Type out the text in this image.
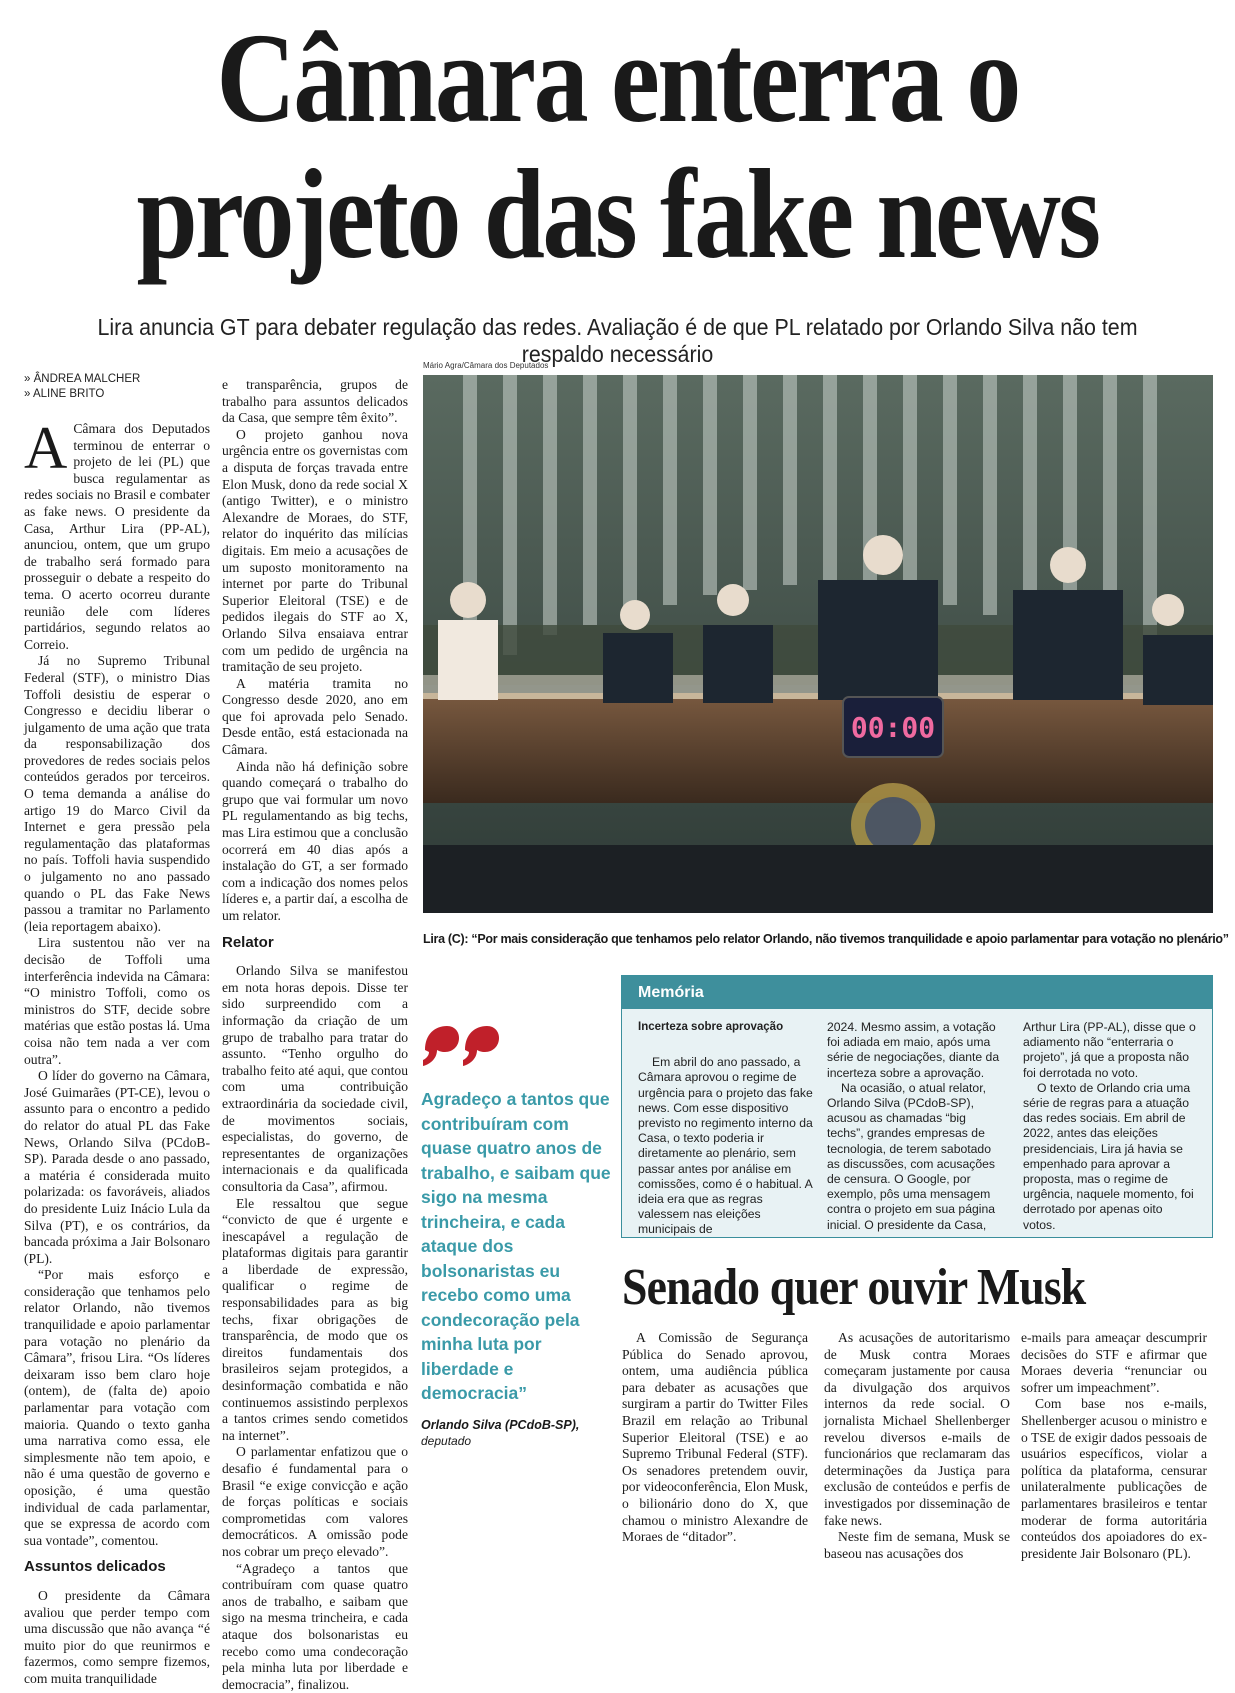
Câmara enterra o
projeto das fake news
Lira anuncia GT para debater regulação das redes. Avaliação é de que PL relatado por Orlando Silva não tem respaldo necessário
» ÂNDREA MALCHER
» ALINE BRITO

A Câmara dos Deputados terminou de enterrar o projeto de lei (PL) que busca regulamentar as redes sociais no Brasil e combater as fake news. O presidente da Casa, Arthur Lira (PP-AL), anunciou, ontem, que um grupo de trabalho será formado para prosseguir o debate a respeito do tema. O acerto ocorreu durante reunião dele com líderes partidários, segundo relatos ao Correio.

Já no Supremo Tribunal Federal (STF), o ministro Dias Toffoli desistiu de esperar o Congresso e decidiu liberar o julgamento de uma ação que trata da responsabilização dos provedores de redes sociais pelos conteúdos gerados por terceiros. O tema demanda a análise do artigo 19 do Marco Civil da Internet e gera pressão pela regulamentação das plataformas no país. Toffoli havia suspendido o julgamento no ano passado quando o PL das Fake News passou a tramitar no Parlamento (leia reportagem abaixo).

Lira sustentou não ver na decisão de Toffoli uma interferência indevida na Câmara: “O ministro Toffoli, como os ministros do STF, decide sobre matérias que estão postas lá. Uma coisa não tem nada a ver com outra”.

O líder do governo na Câmara, José Guimarães (PT-CE), levou o assunto para o encontro a pedido do relator do atual PL das Fake News, Orlando Silva (PCdoB-SP). Parada desde o ano passado, a matéria é considerada muito polarizada: os favoráveis, aliados do presidente Luiz Inácio Lula da Silva (PT), e os contrários, da bancada próxima a Jair Bolsonaro (PL).

“Por mais esforço e consideração que tenhamos pelo relator Orlando, não tivemos tranquilidade e apoio parlamentar para votação no plenário da Câmara”, frisou Lira. “Os líderes deixaram isso bem claro hoje (ontem), de (falta de) apoio parlamentar para votação com maioria. Quando o texto ganha uma narrativa como essa, ele simplesmente não tem apoio, e não é uma questão de governo e oposição, é uma questão individual de cada parlamentar, que se expressa de acordo com sua vontade”, comentou.

Assuntos delicados

O presidente da Câmara avaliou que perder tempo com uma discussão que não avança “é muito pior do que reunirmos e fazermos, como sempre fizemos, com muita tranquilidade

e transparência, grupos de trabalho para assuntos delicados da Casa, que sempre têm êxito”.

O projeto ganhou nova urgência entre os governistas com a disputa de forças travada entre Elon Musk, dono da rede social X (antigo Twitter), e o ministro Alexandre de Moraes, do STF, relator do inquérito das milícias digitais. Em meio a acusações de um suposto monitoramento na internet por parte do Tribunal Superior Eleitoral (TSE) e de pedidos ilegais do STF ao X, Orlando Silva ensaiava entrar com um pedido de urgência na tramitação de seu projeto.

A matéria tramita no Congresso desde 2020, ano em que foi aprovada pelo Senado. Desde então, está estacionada na Câmara.

Ainda não há definição sobre quando começará o trabalho do grupo que vai formular um novo PL regulamentando as big techs, mas Lira estimou que a conclusão ocorrerá em 40 dias após a instalação do GT, a ser formado com a indicação dos nomes pelos líderes e, a partir daí, a escolha de um relator.

Relator

Orlando Silva se manifestou em nota horas depois. Disse ter sido surpreendido com a informação da criação de um grupo de trabalho para tratar do assunto. “Tenho orgulho do trabalho feito até aqui, que contou com uma contribuição extraordinária da sociedade civil, de movimentos sociais, especialistas, do governo, de representantes de organizações internacionais e da qualificada consultoria da Casa”, afirmou.

Ele ressaltou que segue “convicto de que é urgente e inescapável a regulação de plataformas digitais para garantir a liberdade de expressão, qualificar o regime de responsabilidades para as big techs, fixar obrigações de transparência, de modo que os direitos fundamentais dos brasileiros sejam protegidos, a desinformação combatida e não continuemos assistindo perplexos a tantos crimes sendo cometidos na internet”.

O parlamentar enfatizou que o desafio é fundamental para o Brasil “e exige convicção e ação de forças políticas e sociais comprometidas com valores democráticos. A omissão pode nos cobrar um preço elevado”.

“Agradeço a tantos que contribuíram com quase quatro anos de trabalho, e saibam que sigo na mesma trincheira, e cada ataque dos bolsonaristas eu recebo como uma condecoração pela minha luta por liberdade e democracia”, finalizou.

Mário Agra/Câmara dos Deputados
00:00
Lira (C): “Por mais consideração que tenhamos pelo relator Orlando, não tivemos tranquilidade e apoio parlamentar para votação no plenário”
Agradeço a tantos que contribuíram com quase quatro anos de trabalho, e saibam que sigo na mesma trincheira, e cada ataque dos bolsonaristas eu recebo como uma condecoração pela minha luta por liberdade e democracia”
Orlando Silva (PCdoB-SP),
deputado
Memória

Incerteza sobre aprovação

Em abril do ano passado, a Câmara aprovou o regime de urgência para o projeto das fake news. Com esse dispositivo previsto no regimento interno da Casa, o texto poderia ir diretamente ao plenário, sem passar antes por análise em comissões, como é o habitual. A ideia era que as regras valessem nas eleições municipais de

2024. Mesmo assim, a votação foi adiada em maio, após uma série de negociações, diante da incerteza sobre a aprovação.

Na ocasião, o atual relator, Orlando Silva (PCdoB-SP), acusou as chamadas “big techs”, grandes empresas de tecnologia, de terem sabotado as discussões, com acusações de censura. O Google, por exemplo, pôs uma mensagem contra o projeto em sua página inicial. O presidente da Casa,

Arthur Lira (PP-AL), disse que o adiamento não “enterraria o projeto”, já que a proposta não foi derrotada no voto.

O texto de Orlando cria uma série de regras para a atuação das redes sociais. Em abril de 2022, antes das eleições presidenciais, Lira já havia se empenhado para aprovar a proposta, mas o regime de urgência, naquele momento, foi derrotado por apenas oito votos.

Senado quer ouvir Musk

A Comissão de Segurança Pública do Senado aprovou, ontem, uma audiência pública para debater as acusações que surgiram a partir do Twitter Files Brazil em relação ao Tribunal Superior Eleitoral (TSE) e ao Supremo Tribunal Federal (STF). Os senadores pretendem ouvir, por videoconferência, Elon Musk, o bilionário dono do X, que chamou o ministro Alexandre de Moraes de “ditador”.

As acusações de autoritarismo de Musk contra Moraes começaram justamente por causa da divulgação dos arquivos internos da rede social. O jornalista Michael Shellenberger revelou diversos e-mails de funcionários que reclamaram das determinações da Justiça para exclusão de conteúdos e perfis de investigados por disseminação de fake news.

Neste fim de semana, Musk se baseou nas acusações dos

e-mails para ameaçar descumprir decisões do STF e afirmar que Moraes deveria “renunciar ou sofrer um impeachment”.

Com base nos e-mails, Shellenberger acusou o ministro e o TSE de exigir dados pessoais de usuários específicos, violar a política da plataforma, censurar unilateralmente publicações de parlamentares brasileiros e tentar moderar de forma autoritária conteúdos dos apoiadores do ex-presidente Jair Bolsonaro (PL).
